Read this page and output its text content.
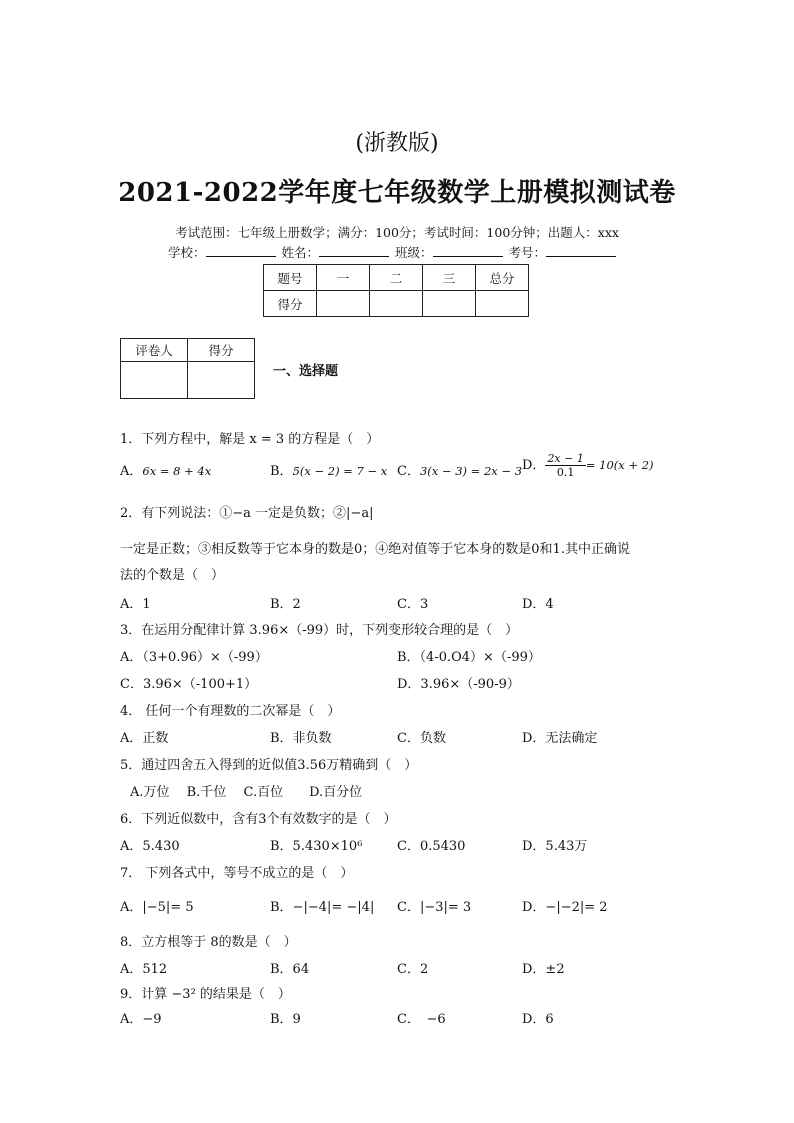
(浙教版)
2021-2022学年度七年级数学上册模拟测试卷
考试范围：七年级上册数学；满分：100分；考试时间：100分钟；出题人：xxx
学校：	姓名：	班级：	考号：
题号	一	二	三	总分
得分				
评卷人	得分

一、选择题
1．下列方程中，解是 x = 3 的方程是（　）
A．6x = 8 + 4x	B．5(x − 2) = 7 − x C．3(x − 3) = 2x − 3 D． $\frac{2x - 1}{0.1} = 10(x + 2)$
2．有下列说法：①−a 一定是负数；②|−a|
一定是正数；③相反数等于它本身的数是0；④绝对值等于它本身的数是0和1.其中正确说
法的个数是（　）
A．1	B．2	C．3	D．4
3．在运用分配律计算 3.96×（-99）时，下列变形较合理的是（　）
A．（3+0.96）×（-99）	B．（4-0.O4）×（-99）
C．3.96×（-100+1）	D．3.96×（-90-9）
4． 任何一个有理数的二次幂是（　）
A．正数	B．非负数	C．负数	D．无法确定
5．通过四舍五入得到的近似值3.56万精确到（　）
A.万位　 B.千位　 C.百位　　D.百分位
6．下列近似数中，含有3个有效数字的是（　）
A．5.430	B．5.430×10⁶	C．0.5430	D．5.43万
7． 下列各式中，等号不成立的是（　）
A．|−5|= 5	B．−|−4|= −|4| C．|−3|= 3	D．−|−2|= 2
8．立方根等于 8的数是（　）
A．512	B．64	C．2	D．±2
9．计算 −3² 的结果是（　）
A．−9	B．9	C．　−6	D．6
